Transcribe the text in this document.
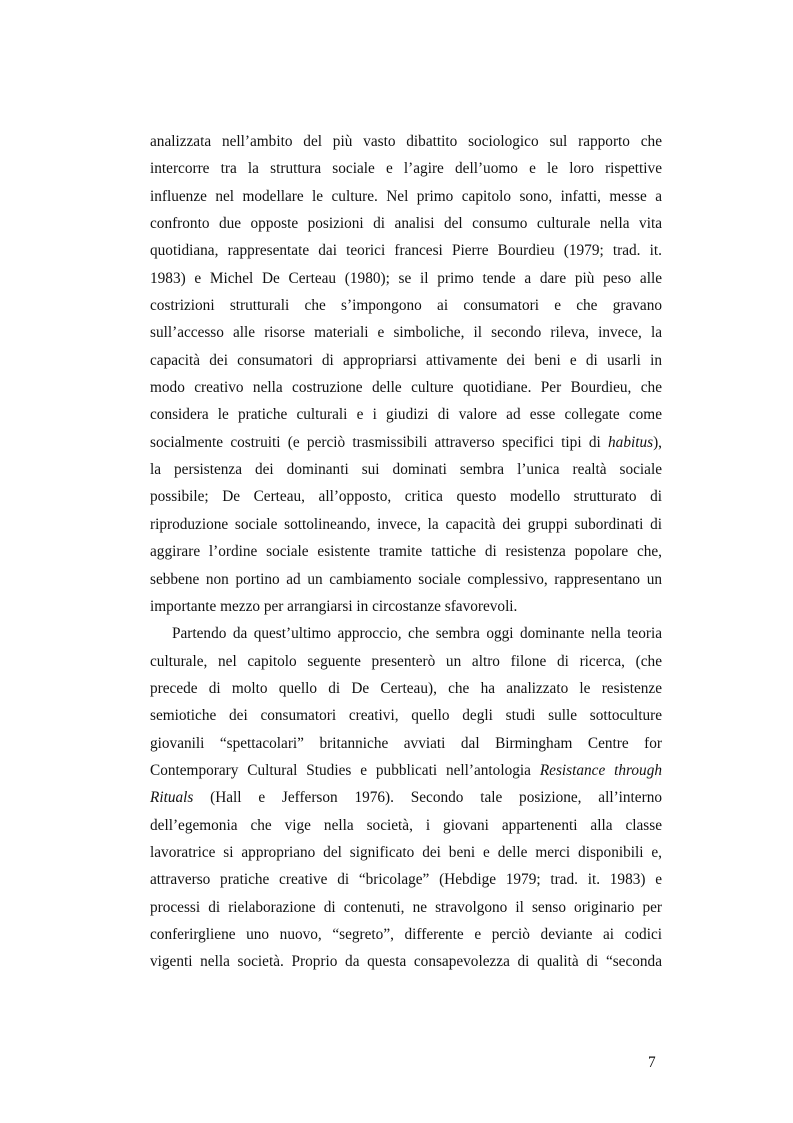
analizzata nell’ambito del più vasto dibattito sociologico sul rapporto che
intercorre tra la struttura sociale e l’agire dell’uomo e le loro rispettive
influenze nel modellare le culture. Nel primo capitolo sono, infatti, messe a
confronto due opposte posizioni di analisi del consumo culturale nella vita
quotidiana, rappresentate dai teorici francesi Pierre Bourdieu (1979; trad. it.
1983) e Michel De Certeau (1980); se il primo tende a dare più peso alle
costrizioni strutturali che s’impongono ai consumatori e che gravano
sull’accesso alle risorse materiali e simboliche, il secondo rileva, invece, la
capacità dei consumatori di appropriarsi attivamente dei beni e di usarli in
modo creativo nella costruzione delle culture quotidiane. Per Bourdieu, che
considera le pratiche culturali e i giudizi di valore ad esse collegate come
socialmente costruiti (e perciò trasmissibili attraverso specifici tipi di habitus),
la persistenza dei dominanti sui dominati sembra l’unica realtà sociale
possibile; De Certeau, all’opposto, critica questo modello strutturato di
riproduzione sociale sottolineando, invece, la capacità dei gruppi subordinati di
aggirare l’ordine sociale esistente tramite tattiche di resistenza popolare che,
sebbene non portino ad un cambiamento sociale complessivo, rappresentano un
importante mezzo per arrangiarsi in circostanze sfavorevoli.

Partendo da quest’ultimo approccio, che sembra oggi dominante nella teoria
culturale, nel capitolo seguente presenterò un altro filone di ricerca, (che
precede di molto quello di De Certeau), che ha analizzato le resistenze
semiotiche dei consumatori creativi, quello degli studi sulle sottoculture
giovanili “spettacolari” britanniche avviati dal Birmingham Centre for
Contemporary Cultural Studies e pubblicati nell’antologia Resistance through
Rituals (Hall e Jefferson 1976). Secondo tale posizione, all’interno
dell’egemonia che vige nella società, i giovani appartenenti alla classe
lavoratrice si appropriano del significato dei beni e delle merci disponibili e,
attraverso pratiche creative di “bricolage” (Hebdige 1979; trad. it. 1983) e
processi di rielaborazione di contenuti, ne stravolgono il senso originario per
conferirgliene uno nuovo, “segreto”, differente e perciò deviante ai codici
vigenti nella società. Proprio da questa consapevolezza di qualità di “seconda

7
